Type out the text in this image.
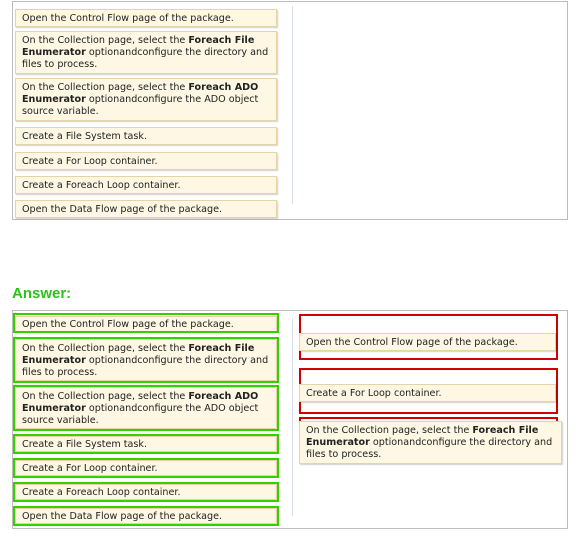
Open the Control Flow page of the package.
On the Collection page, select the Foreach File Enumerator optionandconfigure the directory and files to process.
On the Collection page, select the Foreach ADO Enumerator optionandconfigure the ADO object source variable.
Create a File System task.
Create a For Loop container.
Create a Foreach Loop container.
Open the Data Flow page of the package.
Answer:
Open the Control Flow page of the package.
On the Collection page, select the Foreach File Enumerator optionandconfigure the directory and files to process.
On the Collection page, select the Foreach ADO Enumerator optionandconfigure the ADO object source variable.
Create a File System task.
Create a For Loop container.
Create a Foreach Loop container.
Open the Data Flow page of the package.
Open the Control Flow page of the package.
Create a For Loop container.
On the Collection page, select the Foreach File Enumerator optionandconfigure the directory and files to process.
